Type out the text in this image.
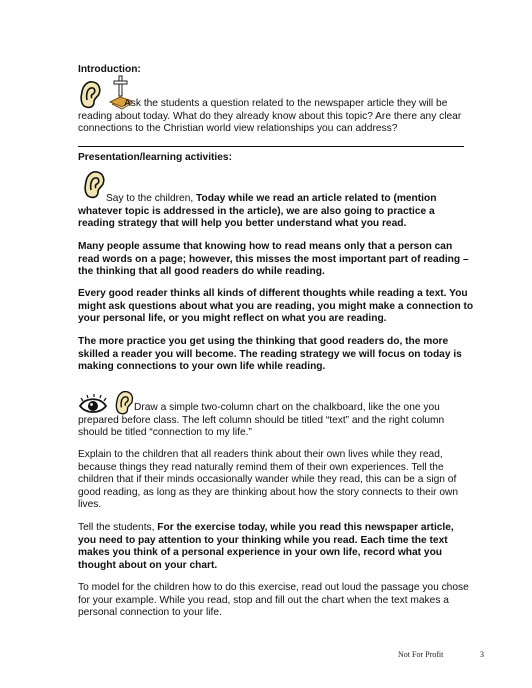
Introduction:

Ask the students a question related to the newspaper article they will be reading about today. What do they already know about this topic? Are there any clear connections to the Christian world view relationships you can address?

Presentation/learning activities:

Say to the children, Today while we read an article related to (mention whatever topic is addressed in the article), we are also going to practice a reading strategy that will help you better understand what you read.

Many people assume that knowing how to read means only that a person can read words on a page; however, this misses the most important part of reading – the thinking that all good readers do while reading.

Every good reader thinks all kinds of different thoughts while reading a text. You might ask questions about what you are reading, you might make a connection to your personal life, or you might reflect on what you are reading.

The more practice you get using the thinking that good readers do, the more skilled a reader you will become. The reading strategy we will focus on today is making connections to your own life while reading.

Draw a simple two-column chart on the chalkboard, like the one you prepared before class. The left column should be titled “text” and the right column should be titled “connection to my life.”

Explain to the children that all readers think about their own lives while they read, because things they read naturally remind them of their own experiences. Tell the children that if their minds occasionally wander while they read, this can be a sign of good reading, as long as they are thinking about how the story connects to their own lives.

Tell the students, For the exercise today, while you read this newspaper article, you need to pay attention to your thinking while you read. Each time the text makes you think of a personal experience in your own life, record what you thought about on your chart.

To model for the children how to do this exercise, read out loud the passage you chose for your example. While you read, stop and fill out the chart when the text makes a personal connection to your life.

Not For Profit	3
